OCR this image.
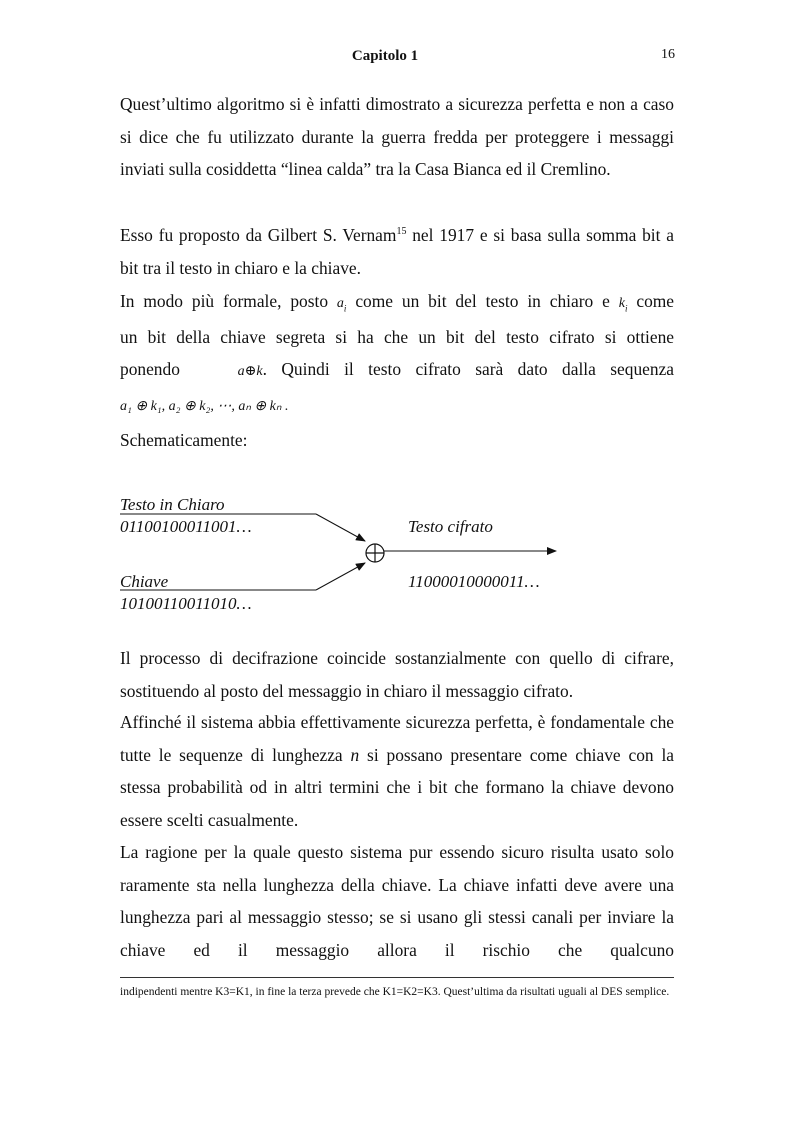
Capitolo 1	16

Quest’ultimo algoritmo si è infatti dimostrato a sicurezza perfetta e non a caso si dice che fu utilizzato durante la guerra fredda per proteggere i messaggi inviati sulla cosiddetta “linea calda” tra la Casa Bianca ed il Cremlino.

Esso fu proposto da Gilbert S. Vernam$^{15}$ nel 1917 e si basa sulla somma bit a bit tra il testo in chiaro e la chiave.

In modo più formale, posto $a_i$ come un bit del testo in chiaro e $k_i$ come

un bit della chiave segreta si ha che un bit del testo cifrato si ottiene

ponendo	a⊕k. Quindi il testo cifrato sarà dato dalla sequenza

a₁ ⊕ k₁, a₂ ⊕ k₂, ⋯, aₙ ⊕ kₙ .

Schematicamente:

Testo in Chiaro
01100100011001…	Testo cifrato
Chiave	11000010000011…
10100110011010…

Il processo di decifrazione coincide sostanzialmente con quello di cifrare, sostituendo al posto del messaggio in chiaro il messaggio cifrato.

Affinché il sistema abbia effettivamente sicurezza perfetta, è fondamentale che tutte le sequenze di lunghezza n si possano presentare come chiave con la stessa probabilità od in altri termini che i bit che formano la chiave devono essere scelti casualmente.

La ragione per la quale questo sistema pur essendo sicuro risulta usato solo raramente sta nella lunghezza della chiave. La chiave infatti deve avere una lunghezza pari al messaggio stesso; se si usano gli stessi canali per inviare la chiave ed il messaggio allora il rischio che qualcuno

indipendenti mentre K3=K1, in fine la terza prevede che K1=K2=K3. Quest’ultima da risultati uguali al DES semplice.
